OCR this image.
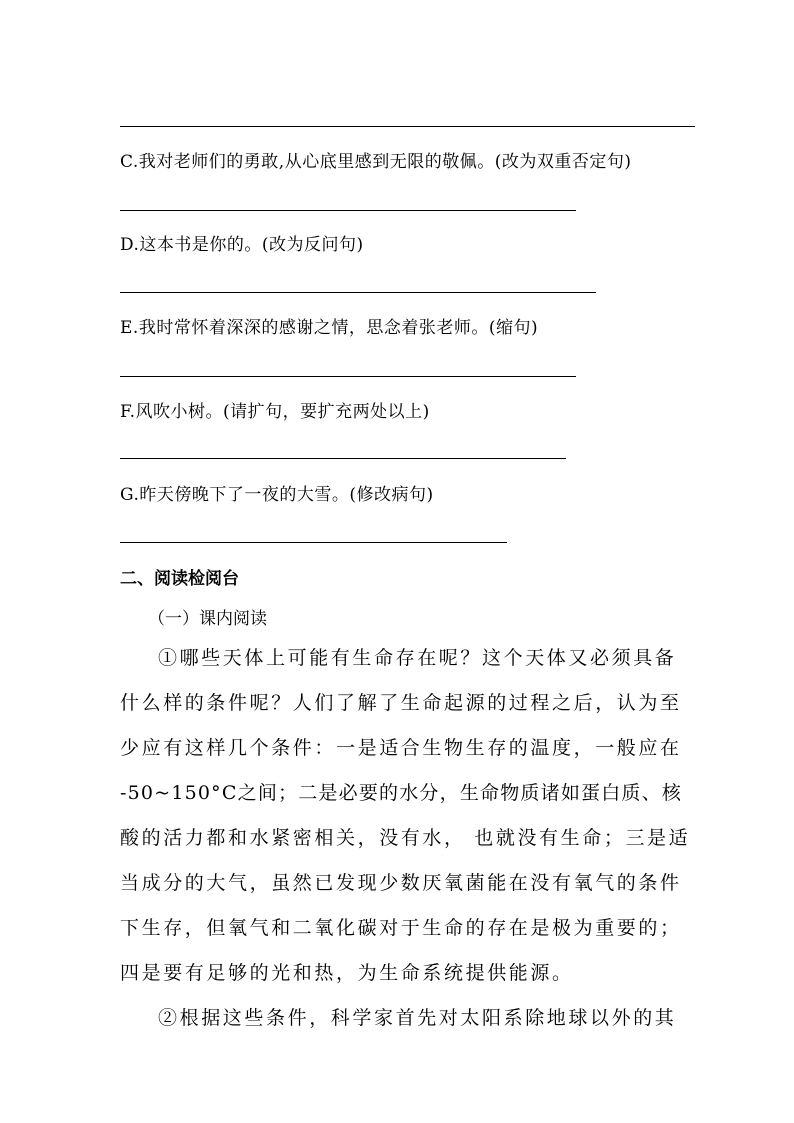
C.我对老师们的勇敢,从心底里感到无限的敬佩。(改为双重否定句)
D.这本书是你的。(改为反问句)
E.我时常怀着深深的感谢之情，思念着张老师。(缩句)
F.风吹小树。(请扩句，要扩充两处以上)
G.昨天傍晚下了一夜的大雪。(修改病句)
二、阅读检阅台
（一）课内阅读
①哪些天体上可能有生命存在呢？这个天体又必须具备
什么样的条件呢？人们了解了生命起源的过程之后，认为至
少应有这样几个条件：一是适合生物生存的温度，一般应在
-50~150°C之间；二是必要的水分，生命物质诸如蛋白质、核
酸的活力都和水紧密相关，没有水， 也就没有生命；三是适
当成分的大气，虽然已发现少数厌氧菌能在没有氧气的条件
下生存，但氧气和二氧化碳对于生命的存在是极为重要的；
四是要有足够的光和热，为生命系统提供能源。
②根据这些条件，科学家首先对太阳系除地球以外的其
